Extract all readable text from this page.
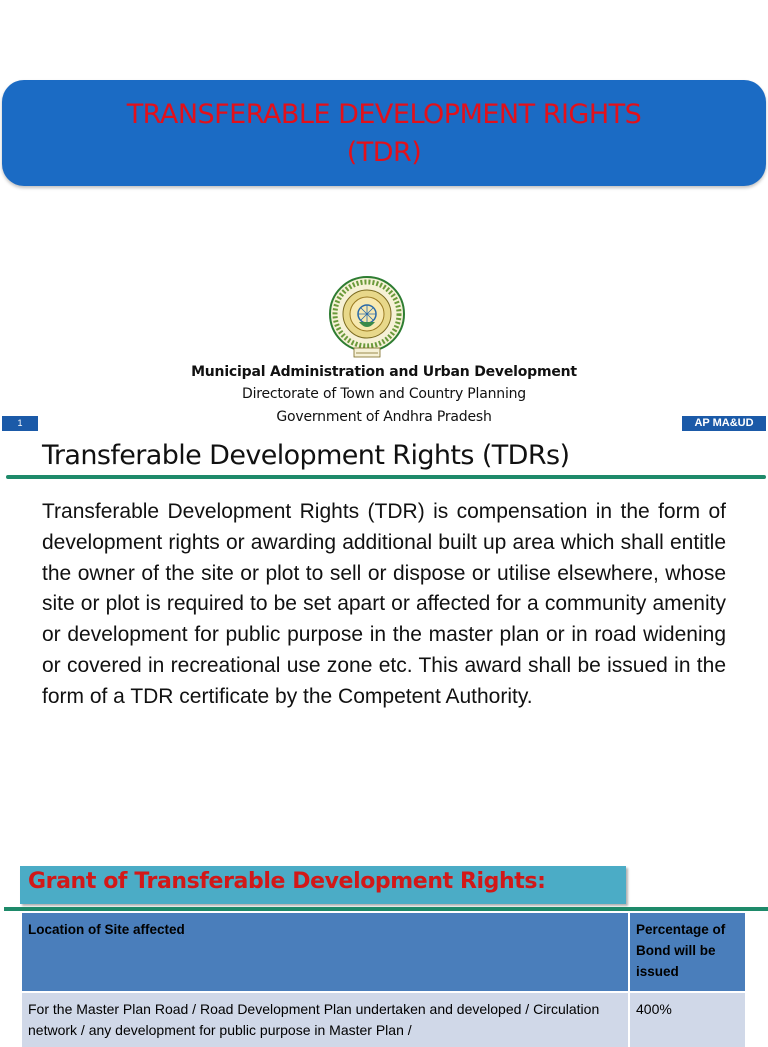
TRANSFERABLE DEVELOPMENT RIGHTS
(TDR)
Municipal Administration and Urban Development
Directorate of Town and Country Planning
Government of Andhra Pradesh
1	AP MA&UD
Transferable Development Rights (TDRs)
Transferable Development Rights (TDR) is compensation in the form of development rights or awarding additional built up area which shall entitle the owner of the site or plot to sell or dispose or utilise elsewhere, whose site or plot is required to be set apart or affected for a community amenity or development for public purpose in the master plan or in road widening or covered in recreational use zone etc. This award shall be issued in the form of a TDR certificate by the Competent Authority.
Grant of Transferable Development Rights:
Location of Site affected	Percentage of Bond will be issued
For the Master Plan Road / Road Development Plan undertaken and developed / Circulation network / any development for public purpose in Master Plan /	400%
